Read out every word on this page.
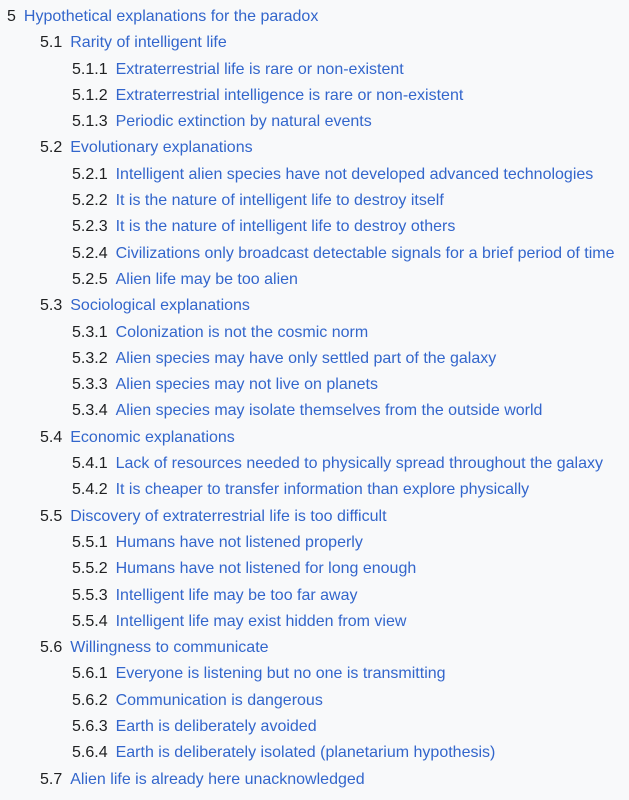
5 Hypothetical explanations for the paradox
5.1 Rarity of intelligent life
5.1.1 Extraterrestrial life is rare or non-existent
5.1.2 Extraterrestrial intelligence is rare or non-existent
5.1.3 Periodic extinction by natural events
5.2 Evolutionary explanations
5.2.1 Intelligent alien species have not developed advanced technologies
5.2.2 It is the nature of intelligent life to destroy itself
5.2.3 It is the nature of intelligent life to destroy others
5.2.4 Civilizations only broadcast detectable signals for a brief period of time
5.2.5 Alien life may be too alien
5.3 Sociological explanations
5.3.1 Colonization is not the cosmic norm
5.3.2 Alien species may have only settled part of the galaxy
5.3.3 Alien species may not live on planets
5.3.4 Alien species may isolate themselves from the outside world
5.4 Economic explanations
5.4.1 Lack of resources needed to physically spread throughout the galaxy
5.4.2 It is cheaper to transfer information than explore physically
5.5 Discovery of extraterrestrial life is too difficult
5.5.1 Humans have not listened properly
5.5.2 Humans have not listened for long enough
5.5.3 Intelligent life may be too far away
5.5.4 Intelligent life may exist hidden from view
5.6 Willingness to communicate
5.6.1 Everyone is listening but no one is transmitting
5.6.2 Communication is dangerous
5.6.3 Earth is deliberately avoided
5.6.4 Earth is deliberately isolated (planetarium hypothesis)
5.7 Alien life is already here unacknowledged
